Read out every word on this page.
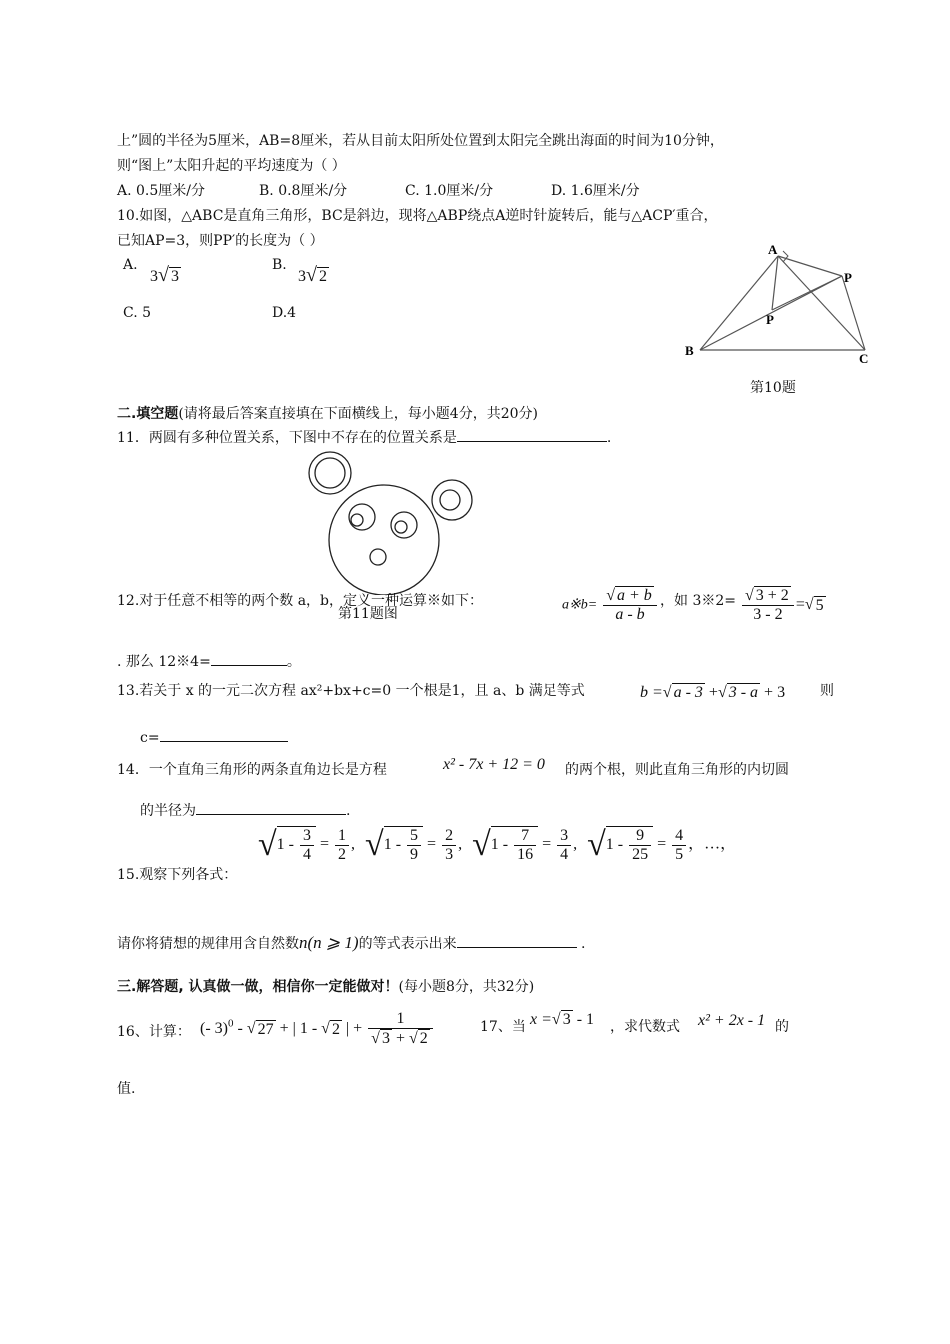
上”圆的半径为5厘米，AB=8厘米，若从目前太阳所处位置到太阳完全跳出海面的时间为10分钟，
则“图上”太阳升起的平均速度为（ ）
A. 0.5厘米/分	B. 0.8厘米/分	C. 1.0厘米/分	D. 1.6厘米/分
10.如图，△ABC是直角三角形，BC是斜边，现将△ABP绕点A逆时针旋转后，能与△ACP′重合，
已知AP=3，则PP′的长度为（ ）
A.
3√ 3
B.
3√ 2
C. 5	D.4
A
B
C
P
P
第10题
二.填空题(请将最后答案直接填在下面横线上，每小题4分，共20分)
11．两圆有多种位置关系，下图中不存在的位置关系是	.
12.对于任意不相等的两个数 a，b，定义一种运算※如下：
第11题图
a※b= $\frac{√ a + b}{a - b}$ ，如 3※2= $\frac{√ 3 + 2}{3 - 2}$ =√ 5
. 那么 12※4=	。
13.若关于 x 的一元二次方程 ax²+bx+c=0 一个根是1，且 a、b 满足等式	b =√ a - 3 +√ 3 - a + 3 则
c=
14．一个直角三角形的两条直角边长是方程	x² - 7x + 12 = 0 的两个根，则此直角三角形的内切圆
的半径为	.
15.观察下列各式：
$√1 - \frac{3}{4} = \frac{1}{2}$ , $√1 - \frac{5}{9} = \frac{2}{3}$ , $√1 - \frac{7}{16} = \frac{3}{4}$ , $√1 - \frac{9}{25} = \frac{4}{5}$ ，…，
请你将猜想的规律用含自然数n(n ⩾ 1)的等式表示出来	.
三.解答题, 认真做一做，相信你一定能做对！(每小题8分，共32分)
16、计算： (- 3)$^0$ - √ 27 + | 1 - √ 2 | + $\frac{1}{√ 3 + √ 2}$	17、当 x =√ 3 - 1 ，求代数式 x² + 2x - 1 的
值.
